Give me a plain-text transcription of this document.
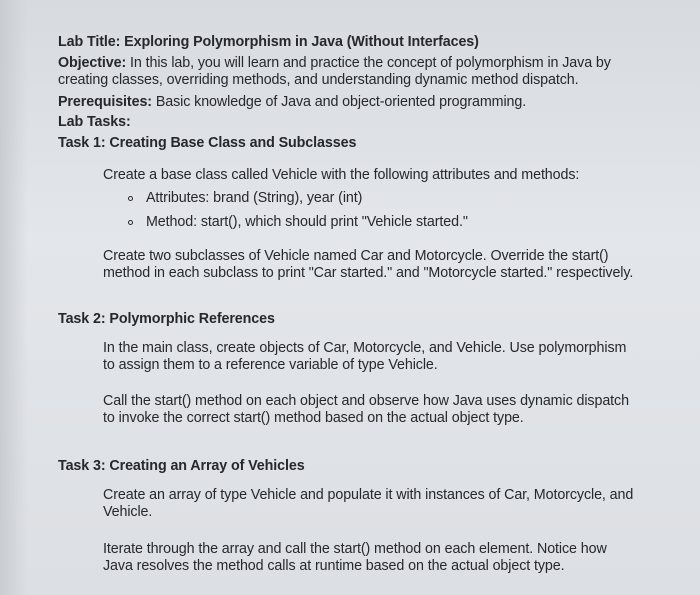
Lab Title: Exploring Polymorphism in Java (Without Interfaces)
Objective: In this lab, you will learn and practice the concept of polymorphism in Java by
creating classes, overriding methods, and understanding dynamic method dispatch.
Prerequisites: Basic knowledge of Java and object-oriented programming.
Lab Tasks:
Task 1: Creating Base Class and Subclasses
Create a base class called Vehicle with the following attributes and methods:
Attributes: brand (String), year (int)
Method: start(), which should print "Vehicle started."
Create two subclasses of Vehicle named Car and Motorcycle. Override the start()
method in each subclass to print "Car started." and "Motorcycle started." respectively.
Task 2: Polymorphic References
In the main class, create objects of Car, Motorcycle, and Vehicle. Use polymorphism
to assign them to a reference variable of type Vehicle.
Call the start() method on each object and observe how Java uses dynamic dispatch
to invoke the correct start() method based on the actual object type.
Task 3: Creating an Array of Vehicles
Create an array of type Vehicle and populate it with instances of Car, Motorcycle, and
Vehicle.
Iterate through the array and call the start() method on each element. Notice how
Java resolves the method calls at runtime based on the actual object type.
